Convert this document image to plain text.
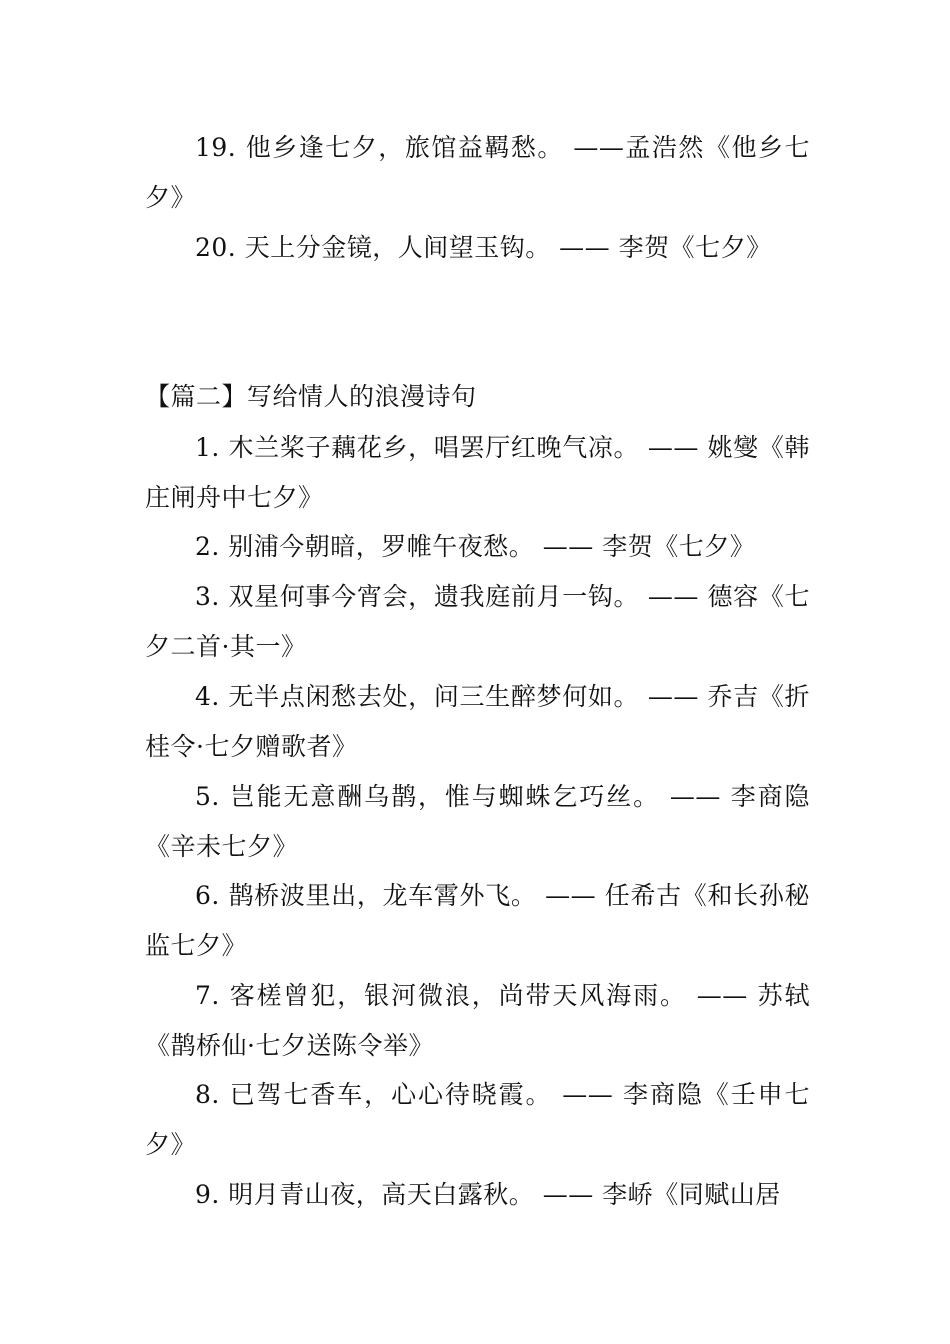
19. 他乡逢七夕，旅馆益羁愁。 ——孟浩然《他乡七夕》

20. 天上分金镜，人间望玉钩。 —— 李贺《七夕》

【篇二】写给情人的浪漫诗句

1. 木兰桨子藕花乡，唱罢厅红晚气凉。 —— 姚燮《韩庄闸舟中七夕》

2. 别浦今朝暗，罗帷午夜愁。 —— 李贺《七夕》

3. 双星何事今宵会，遗我庭前月一钩。 —— 德容《七夕二首·其一》

4. 无半点闲愁去处，问三生醉梦何如。 —— 乔吉《折桂令·七夕赠歌者》

5. 岂能无意酬乌鹊，惟与蜘蛛乞巧丝。 —— 李商隐《辛未七夕》

6. 鹊桥波里出，龙车霄外飞。 —— 任希古《和长孙秘监七夕》

7. 客槎曾犯，银河微浪，尚带天风海雨。 —— 苏轼《鹊桥仙·七夕送陈令举》

8. 已驾七香车，心心待晓霞。 —— 李商隐《壬申七夕》

9. 明月青山夜，高天白露秋。 —— 李峤《同赋山居
